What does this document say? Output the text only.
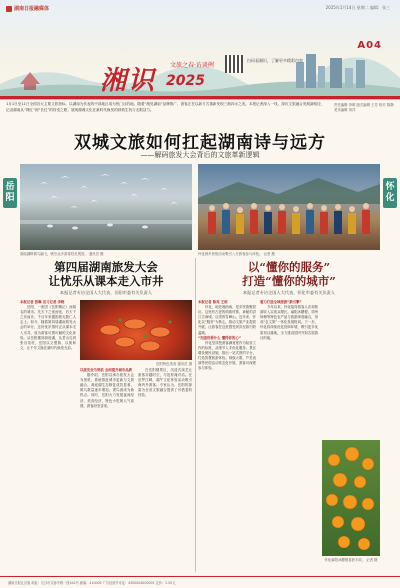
湖南日报融媒体	2025年1月14日 星期二 编辑：张三
湘识
文旅之春·访谈例
2025
扫码看湘识，了解更多精彩内容
A04
1月1日至11日全国各大主要文旅指标，以湖南为代表的中部地区成为热门目的地。随着“湘见湖南”品牌推广，游客正在以新方式重新发现三湘四水之美。本报记者深入一线，探访文旅融合发展新路径，记录湖南从“网红”到“长红”的转变之路，展现湖湘文化在新时代焕发的勃勃生机与无限活力。
责任编辑 李明 版式编辑 王芳 校对 陈静 美术编辑 刘洋
双城文旅如何扛起湖南诗与远方
——解码旅发大会背后的文旅革新逻辑
岳阳
怀化
洞庭湖畔候鸟翩飞，吸引众多游客驻足观赏。 通讯员 摄	怀化侗乡民俗活动吸引八方游客参与体验。 记者 摄
第四届湖南旅发大会
让忧乐从课本走入市井
本报记者专访全国人大代表、岳阳市委有关负责人
以“懂你的服务”
打造“懂你的城市”
本报记者专访全国人大代表、怀化市委有关负责人
本报记者 张琳 见习记者 李晓

岳阳，一座因《岳阳楼记》而闻名的城市。先天下之忧而忧，后天下之乐而乐，千百年来激励着无数仁人志士。如今，随着第四届湖南旅发大会的举办，这份忧乐情怀正从课本走入市井，成为游客可感可触的文化体验。从岳阳楼到洞庭湖，从君山岛到张谷英村，岳阳以文塑旅、以旅彰文，让千年文脉在新时代焕发光彩。

岳阳特色美食 通讯员 摄
以旅发会为契机 全面提升城市品质

据介绍，岳阳以承办旅发大会为契机，系统推进城市更新与文旅融合。洞庭湖生态修复成效显著，候鸟数量逐年增加，观鸟游成为新热点。同时，岳阳大力发展夜间经济、美食经济，特色小吃街人气高涨，游客纷至沓来。

在岳阳楼景区，沉浸式演艺让游客穿越时空，与范仲淹对话。在汨罗江畔，端午文化体验活动吸引海内外游客。专家认为，岳阳的探索为全省文旅融合提供了可借鉴的经验。

本报记者 陈亮 王雨

怀化，地处湘西南，是多民族聚居区。这里有古老的侗族村寨、神秘的洪江古商城、壮美的雪峰山。近年来，怀化以“服务”为核心，推动文旅产业提质升级，让游客在这里感受到宾至如归的温暖。

“知道你要什么 懂得你的心”

怀化坚持把游客满意度作为检验工作的标准，从细节入手优化服务。景区增设便民设施，推出一站式预约平台，打造智慧旅游体验。侗族大歌、芦笙表演等民俗活动常态化开展，游客可深度参与体验。

着力打造全域旅游“新引擎”

今年以来，怀化接待游客人次和旅游收入实现双增长。麻阳冰糖橙、靖州杨梅等特色农产品与旅游深度融合，形成“农文旅”一体化发展格局。下一步，怀化将持续优化营商环境，吸引更多优质项目落地，全力建设国内外知名旅游目的地。

怀化麻阳冰糖橙喜获丰收。 记者 摄
湖南日报社出版 地址：长沙市芙蓉中路一段442号 邮编：410005 广告经营许可证：4300004000005 定价：1.50元
